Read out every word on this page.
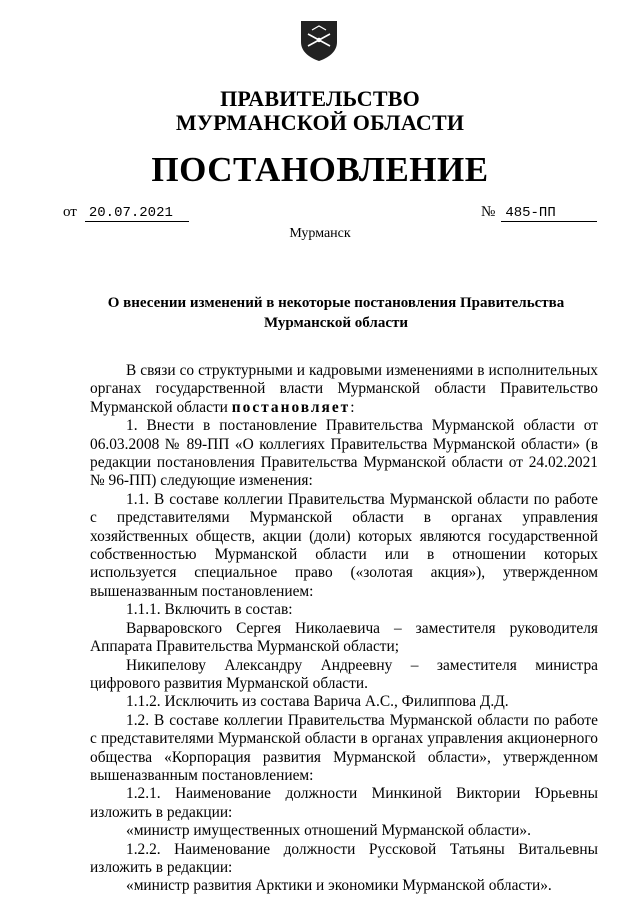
ПРАВИТЕЛЬСТВО
МУРМАНСКОЙ ОБЛАСТИ
ПОСТАНОВЛЕНИЕ
от 20.07.2021	№ 485-ПП
Мурманск
О внесении изменений в некоторые постановления Правительства Мурманской области

В связи со структурными и кадровыми изменениями в исполнительных органах государственной власти Мурманской области Правительство Мурманской области постановляет:

1. Внести в постановление Правительства Мурманской области от 06.03.2008 № 89-ПП «О коллегиях Правительства Мурманской области» (в редакции постановления Правительства Мурманской области от 24.02.2021 № 96-ПП) следующие изменения:

1.1. В составе коллегии Правительства Мурманской области по работе с представителями Мурманской области в органах управления хозяйственных обществ, акции (доли) которых являются государственной собственностью Мурманской области или в отношении которых используется специальное право («золотая акция»), утвержденном вышеназванным постановлением:

1.1.1. Включить в состав:

Варваровского Сергея Николаевича – заместителя руководителя Аппарата Правительства Мурманской области;

Никипелову Александру Андреевну – заместителя министра цифрового развития Мурманской области.

1.1.2. Исключить из состава Варича А.С., Филиппова Д.Д.

1.2. В составе коллегии Правительства Мурманской области по работе с представителями Мурманской области в органах управления акционерного общества «Корпорация развития Мурманской области», утвержденном вышеназванным постановлением:

1.2.1. Наименование должности Минкиной Виктории Юрьевны изложить в редакции:

«министр имущественных отношений Мурманской области».

1.2.2. Наименование должности Русcковой Татьяны Витальевны изложить в редакции:

«министр развития Арктики и экономики Мурманской области».
